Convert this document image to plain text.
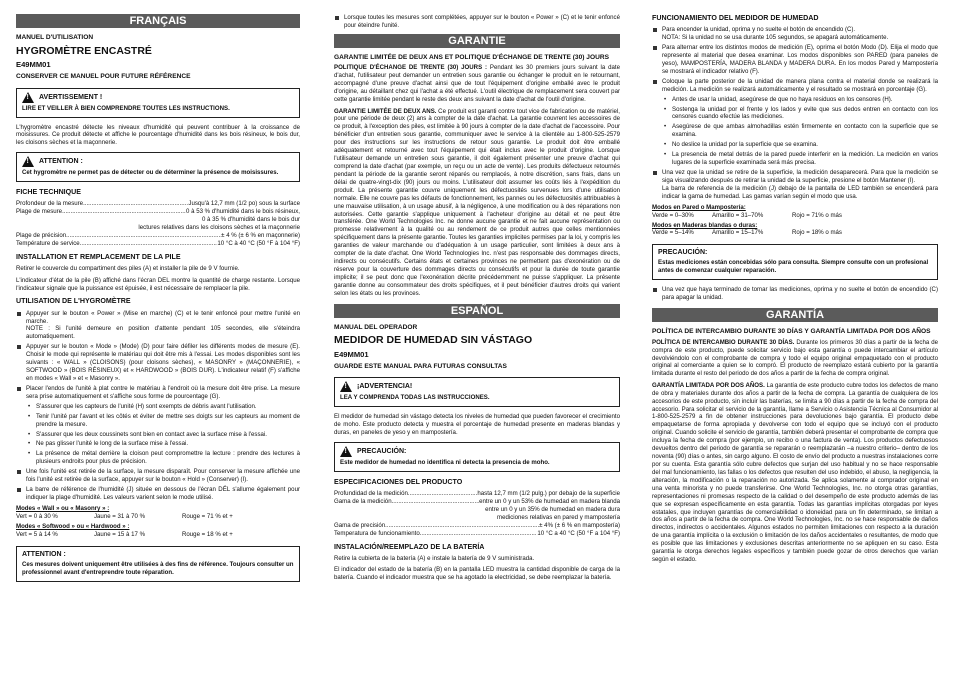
FRANÇAIS
MANUEL D'UTILISATION
HYGROMÈTRE ENCASTRÉ
E49MM01
CONSERVER CE MANUEL POUR FUTURE RÉFÉRENCE
!
AVERTISSEMENT !
LIRE ET VEILLER À BIEN COMPRENDRE TOUTES LES INSTRUCTIONS.

L'hygromètre encastré détecte les niveaux d'humidité qui peuvent contribuer à la croissance de moisissures. Ce produit détecte et affiche le pourcentage d'humidité dans les bois résineux, le bois dur, les cloisons sèches et la maçonnerie.

!
ATTENTION :
Cet hygromètre ne permet pas de détecter ou de déterminer la présence de moisissures.
FICHE TECHNIQUE
Profondeur de la mesure .....	Jusqu'à 12,7 mm (1/2 po) sous la surface
Plage de mesure .....	0 à 53 % d'humidité dans le bois résineux,
0 à 35 % d'humidité dans le bois dur
lectures relatives dans les cloisons sèches et la maçonnerie
Plage de précision .....	± 4 % (± 6 % en maçonnerie)
Température de service .....	10 °C à 40 °C (50 °F à 104 °F)
INSTALLATION ET REMPLACEMENT DE LA PILE

Retirer le couvercle du compartiment des piles (A) et installer la pile de 9 V fournie.

L'indicateur d'état de la pile (B) affiché dans l'écran DEL montre la quantité de charge restante. Lorsque l'indicateur signale que la puissance est épuisée, il est nécessaire de remplacer la pile.

UTILISATION DE L'HYGROMÈTRE
Appuyer sur le bouton « Power » (Mise en marche) (C) et le tenir enfoncé pour mettre l'unité en marche.
NOTE : Si l'unité demeure en position d'attente pendant 105 secondes, elle s'éteindra automatiquement.
Appuyer sur le bouton « Mode » (Mode) (D) pour faire défiler les différents modes de mesure (E). Choisir le mode qui représente le matériau qui doit être mis à l'essai. Les modes disponibles sont les suivants : « WALL » (CLOISONS) (pour cloisons sèches), « MASONRY » (MAÇONNERIE), « SOFTWOOD » (BOIS RÉSINEUX) et « HARDWOOD » (BOIS DUR). L'indicateur relatif (F) s'affiche en modes « Wall » et « Masonry ».
Placer l'endos de l'unité à plat contre le matériau à l'endroit où la mesure doit être prise. La mesure sera prise automatiquement et s'affiche sous forme de pourcentage (G).
• S'assurer que les capteurs de l'unité (H) sont exempts de débris avant l'utilisation.
• Tenir l'unité par l'avant et les côtés et éviter de mettre ses doigts sur les capteurs au moment de prendre la mesure.
• S'assurer que les deux coussinets sont bien en contact avec la surface mise à l'essai.
• Ne pas glisser l'unité le long de la surface mise à l'essai.
• La présence de métal derrière la cloison peut compromettre la lecture : prendre des lectures à plusieurs endroits pour plus de précision.
Une fois l'unité est retirée de la surface, la mesure disparaît. Pour conserver la mesure affichée une fois l'unité est retirée de la surface, appuyer sur le bouton « Hold » (Conserver) (I).
La barre de référence de l'humidité (J) située en dessous de l'écran DÉL s'allume également pour indiquer la plage d'humidité. Les valeurs varient selon le mode utilisé.
Modes « Wall » ou « Masonry » :
Vert = 0 à 30 %	Jaune = 31 à 70 %	Rouge = 71 % et +
Modes « Softwood » ou « Hardwood » :
Vert = 5 à 14 %	Jaune = 15 à 17 %	Rouge = 18 % et +
ATTENTION :
Ces mesures doivent uniquement être utilisées à des fins de référence. Toujours consulter un professionnel avant d'entreprendre toute réparation.
Lorsque toutes les mesures sont complétées, appuyer sur le bouton « Power » (C) et le tenir enfoncé pour éteindre l'unité.
GARANTIE
GARANTIE LIMITÉE DE DEUX ANS ET POLITIQUE D'ÉCHANGE DE TRENTE (30) JOURS

POLITIQUE D'ÉCHANGE DE TRENTE (30) JOURS : Pendant les 30 premiers jours suivant la date d'achat, l'utilisateur peut demander un entretien sous garantie ou échanger le produit en le retournant, accompagné d'une preuve d'achat ainsi que de tout l'équipement d'origine emballé avec le produit d'origine, au détaillant chez qui l'achat a été effectué. L'outil électrique de remplacement sera couvert par cette garantie limitée pendant le reste des deux ans suivant la date d'achat de l'outil d'origine.

GARANTIE LIMITÉE DE DEUX ANS. Ce produit est garanti contre tout vice de fabrication ou de matériel, pour une période de deux (2) ans à compter de la date d'achat. La garantie couvrent les accessoires de ce produit, à l'exception des piles, est limitée à 90 jours à compter de la date d'achat de l'accessoire. Pour bénéficier d'un entretien sous garantie, communiquer avec le service à la clientèle au 1-800-525-2579 pour des instructions sur les instructions de retour sous garantie. Le produit doit être emballé adéquatement et retourné avec tout l'équipement qui était inclus avec le produit d'origine. Lorsque l'utilisateur demande un entretien sous garantie, il doit également présenter une preuve d'achat qui comprend la date d'achat (par exemple, un reçu ou un acte de vente). Les produits défectueux retournés pendant la période de la garantie seront réparés ou remplacés, à notre discrétion, sans frais, dans un délai de quatre-vingt-dix (90) jours ou moins. L'utilisateur doit assumer les coûts liés à l'expédition du produit. La présente garantie couvre uniquement les défectuosités survenues lors d'une utilisation normale. Elle ne couvre pas les défauts de fonctionnement, les pannes ou les défectuosités attribuables à une mauvaise utilisation, à un usage abusif, à la négligence, à une modification ou à des réparations non autorisées. Cette garantie s'applique uniquement à l'acheteur d'origine au détail et ne peut être transférée. One World Technologies Inc. ne donne aucune garantie et ne fait aucune représentation ou promesse relativement à la qualité ou au rendement de ce produit autres que celles mentionnées spécifiquement dans la présente garantie. Toutes les garanties implicites permises par la loi, y compris les garanties de valeur marchande ou d'adéquation à un usage particulier, sont limitées à deux ans à compter de la date d'achat. One World Technologies Inc. n'est pas responsable des dommages directs, indirects ou consécutifs. Certains états et certaines provinces ne permettent pas d'exonération ou de réserve pour la couverture des dommages directs ou consécutifs et pour la durée de toute garantie implicite; il se peut donc que l'exonération décrite précédemment ne puisse s'appliquer. La présente garantie donne au consommateur des droits spécifiques, et il peut bénéficier d'autres droits qui varient selon les états ou les provinces.

ESPAÑOL
MANUAL DEL OPERADOR
MEDIDOR DE HUMEDAD SIN VÁSTAGO
E49MM01
GUARDE ESTE MANUAL PARA FUTURAS CONSULTAS
!
¡ADVERTENCIA!
LEA Y COMPRENDA TODAS LAS INSTRUCCIONES.

El medidor de humedad sin vástago detecta los niveles de humedad que pueden favorecer el crecimiento de moho. Este producto detecta y muestra el porcentaje de humedad presente en maderas blandas y duras, en paneles de yeso y en mampostería.

!
PRECAUCIÓN:
Este medidor de humedad no identifica ni detecta la presencia de moho.
ESPECIFICACIONES DEL PRODUCTO
Profundidad de la medición .....	hasta 12,7 mm (1/2 pulg.) por debajo de la superficie
Gama de la medición .....	entre un 0 y un 53% de humedad en madera blanda
entre un 0 y un 35% de humedad en madera dura
mediciones relativas en pared y mampostería
Gama de precisión .....	± 4% (± 6 % en mampostería)
Temperatura de funcionamiento .....	10 °C a 40 °C (50 °F a 104 °F)
INSTALACIÓN/REEMPLAZO DE LA BATERÍA

Retire la cubierta de la batería (A) e instale la batería de 9 V suministrada.

El indicador del estado de la batería (B) en la pantalla LED muestra la cantidad disponible de carga de la batería. Cuando el indicador muestra que se ha agotado la electricidad, se debe reemplazar la batería.

FUNCIONAMIENTO DEL MEDIDOR DE HUMEDAD
Para encender la unidad, oprima y no suelte el botón de encendido (C).
NOTA: Si la unidad no se usa durante 105 segundos, se apagará automáticamente.
Para alternar entre los distintos modos de medición (E), oprima el botón Modo (D). Elija el modo que represente al material que desea examinar. Los modos disponibles son PARED (para paneles de yeso), MAMPOSTERÍA, MADERA BLANDA y MADERA DURA. En los modos Pared y Mampostería se mostrará el indicador relativo (F).
Coloque la parte posterior de la unidad de manera plana contra el material donde se realizará la medición. La medición se realizará automáticamente y el resultado se mostrará en porcentaje (G).
• Antes de usar la unidad, asegúrese de que no haya residuos en los censores (H).
• Sostenga la unidad por el frente y los lados y evite que sus dedos entren en contacto con los censores cuando efectúe las mediciones.
• Asegúrese de que ambas almohadillas estén firmemente en contacto con la superficie que se examina.
• No deslice la unidad por la superficie que se examina.
• La presencia de metal detrás de la pared puede interferir en la medición. La medición en varios lugares de la superficie examinada será más precisa.
Una vez que la unidad se retire de la superficie, la medición desaparecerá. Para que la medición se siga visualizando después de retirar la unidad de la superficie, presione el botón Mantener (I).
La barra de referencia de la medición (J) debajo de la pantalla de LED también se encenderá para indicar la gama de humedad. Las gamas varían según el modo que usa.
Modos en Pared o Mampostería:
Verde = 0–30%	Amarillo = 31–70%	Rojo = 71% o más
Modos en Maderas blandas o duras:
Verde = 5–14%	Amarillo = 15–17%	Rojo = 18% o más
PRECAUCIÓN:
Estas mediciones están concebidas sólo para consulta. Siempre consulte con un profesional antes de comenzar cualquier reparación.
Una vez que haya terminado de tomar las mediciones, oprima y no suelte el botón de encendido (C) para apagar la unidad.
GARANTÍA
POLÍTICA DE INTERCAMBIO DURANTE 30 DÍAS Y GARANTÍA LIMITADA POR DOS AÑOS

POLÍTICA DE INTERCAMBIO DURANTE 30 DÍAS. Durante los primeros 30 días a partir de la fecha de compra de este producto, puede solicitar servicio bajo esta garantía o puede intercambiar el artículo devolviéndolo con el comprobante de compra y todo el equipo original empaquetado con el producto original al comerciante a quien se lo compró. El producto de reemplazo estará cubierto por la garantía limitada durante el resto del periodo de dos años a partir de la fecha de compra original.

GARANTÍA LIMITADA POR DOS AÑOS. La garantía de este producto cubre todos los defectos de mano de obra y materiales durante dos años a partir de la fecha de compra. La garantía de cualquiera de los accesorios de este producto, sin incluir las baterías, se limita a 90 días a partir de la fecha de compra del accesorio. Para solicitar el servicio de la garantía, llame a Servicio o Asistencia Técnica al Consumidor al 1-800-525-2579 a fin de obtener instrucciones para devoluciones bajo garantía. El producto debe empaquetarse de forma apropiada y devolverse con todo el equipo que se incluyó con el producto original. Cuando solicite el servicio de garantía, también deberá presentar el comprobante de compra que incluya la fecha de compra (por ejemplo, un recibo o una factura de venta). Los productos defectuosos devueltos dentro del periodo de garantía se repararán o reemplazarán –a nuestro criterio– dentro de los noventa (90) días o antes, sin cargo alguno. El costo de envío del producto a nuestras instalaciones corre por su cuenta. Esta garantía sólo cubre defectos que surjan del uso habitual y no se hace responsable del mal funcionamiento, las fallas o los defectos que resulten del uso indebido, el abuso, la negligencia, la alteración, la modificación o la reparación no autorizada. Se aplica solamente al comprador original en una venta minorista y no puede transferirse. One World Technologies, Inc. no otorga otras garantías, representaciones ni promesas respecto de la calidad o del desempeño de este producto además de las que se expresan específicamente en esta garantía. Todas las garantías implícitas otorgadas por leyes estatales, que incluyen garantías de comerciabilidad o idoneidad para un fin determinado, se limitan a dos años a partir de la fecha de compra. One World Technologies, Inc. no se hace responsable de daños directos, indirectos o accidentales. Algunos estados no permiten limitaciones con respecto a la duración de una garantía implícita o la exclusión o limitación de los daños accidentales o resultantes, de modo que es posible que las limitaciones y exclusiones descritas anteriormente no se apliquen en su caso. Esta garantía le otorga derechos legales específicos y también puede gozar de otros derechos que varían según el estado.
